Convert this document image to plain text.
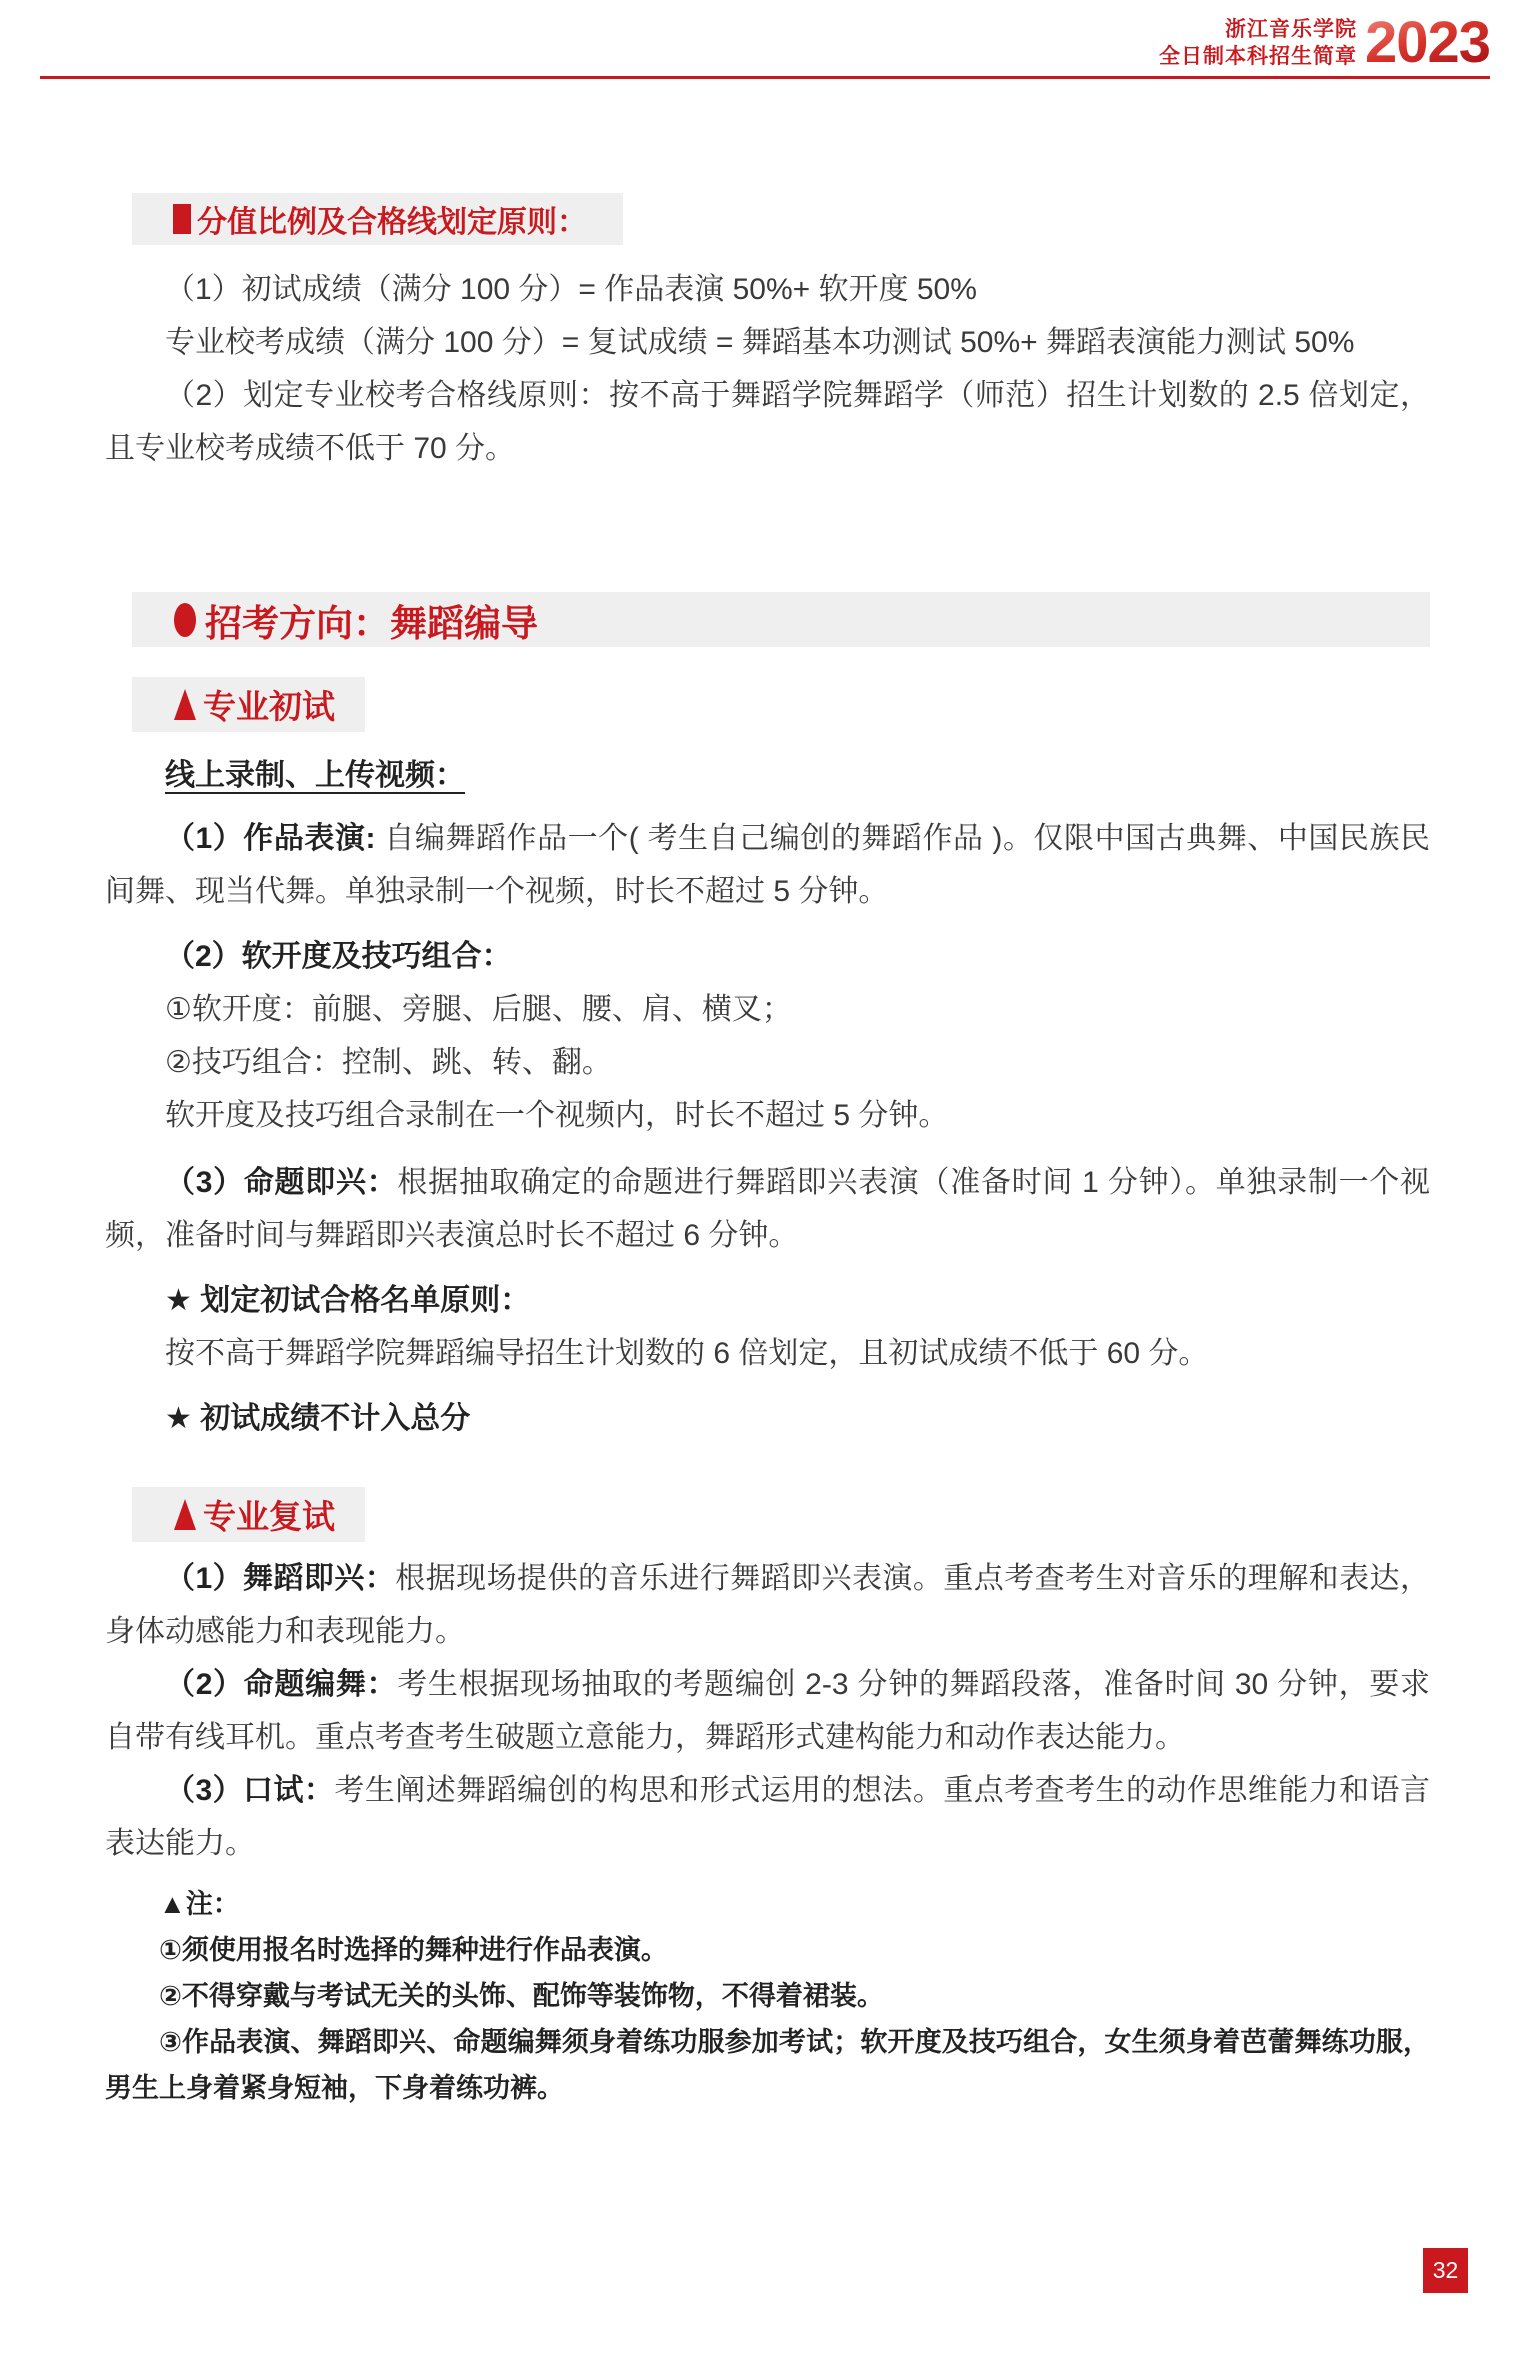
浙江音乐学院
全日制本科招生简章 2023
分值比例及合格线划定原则：

（1）初试成绩（满分 100 分）= 作品表演 50%+ 软开度 50%

专业校考成绩（满分 100 分）= 复试成绩 = 舞蹈基本功测试 50%+ 舞蹈表演能力测试 50%

（2）划定专业校考合格线原则：按不高于舞蹈学院舞蹈学（师范）招生计划数的 2.5 倍划定，且专业校考成绩不低于 70 分。

招考方向：舞蹈编导
专业初试

线上录制、上传视频：

（1）作品表演: 自编舞蹈作品一个( 考生自己编创的舞蹈作品 )。仅限中国古典舞、中国民族民间舞、现当代舞。单独录制一个视频，时长不超过 5 分钟。

（2）软开度及技巧组合：

①软开度：前腿、旁腿、后腿、腰、肩、横叉；

②技巧组合：控制、跳、转、翻。

软开度及技巧组合录制在一个视频内，时长不超过 5 分钟。

（3）命题即兴：根据抽取确定的命题进行舞蹈即兴表演（准备时间 1 分钟）。单独录制一个视频，准备时间与舞蹈即兴表演总时长不超过 6 分钟。

★ 划定初试合格名单原则：

按不高于舞蹈学院舞蹈编导招生计划数的 6 倍划定，且初试成绩不低于 60 分。

★ 初试成绩不计入总分

专业复试

（1）舞蹈即兴：根据现场提供的音乐进行舞蹈即兴表演。重点考查考生对音乐的理解和表达，身体动感能力和表现能力。

（2）命题编舞：考生根据现场抽取的考题编创 2-3 分钟的舞蹈段落，准备时间 30 分钟，要求自带有线耳机。重点考查考生破题立意能力，舞蹈形式建构能力和动作表达能力。

（3）口试：考生阐述舞蹈编创的构思和形式运用的想法。重点考查考生的动作思维能力和语言表达能力。

▲注：

①须使用报名时选择的舞种进行作品表演。

②不得穿戴与考试无关的头饰、配饰等装饰物，不得着裙装。

③作品表演、舞蹈即兴、命题编舞须身着练功服参加考试；软开度及技巧组合，女生须身着芭蕾舞练功服，男生上身着紧身短袖，下身着练功裤。

32
